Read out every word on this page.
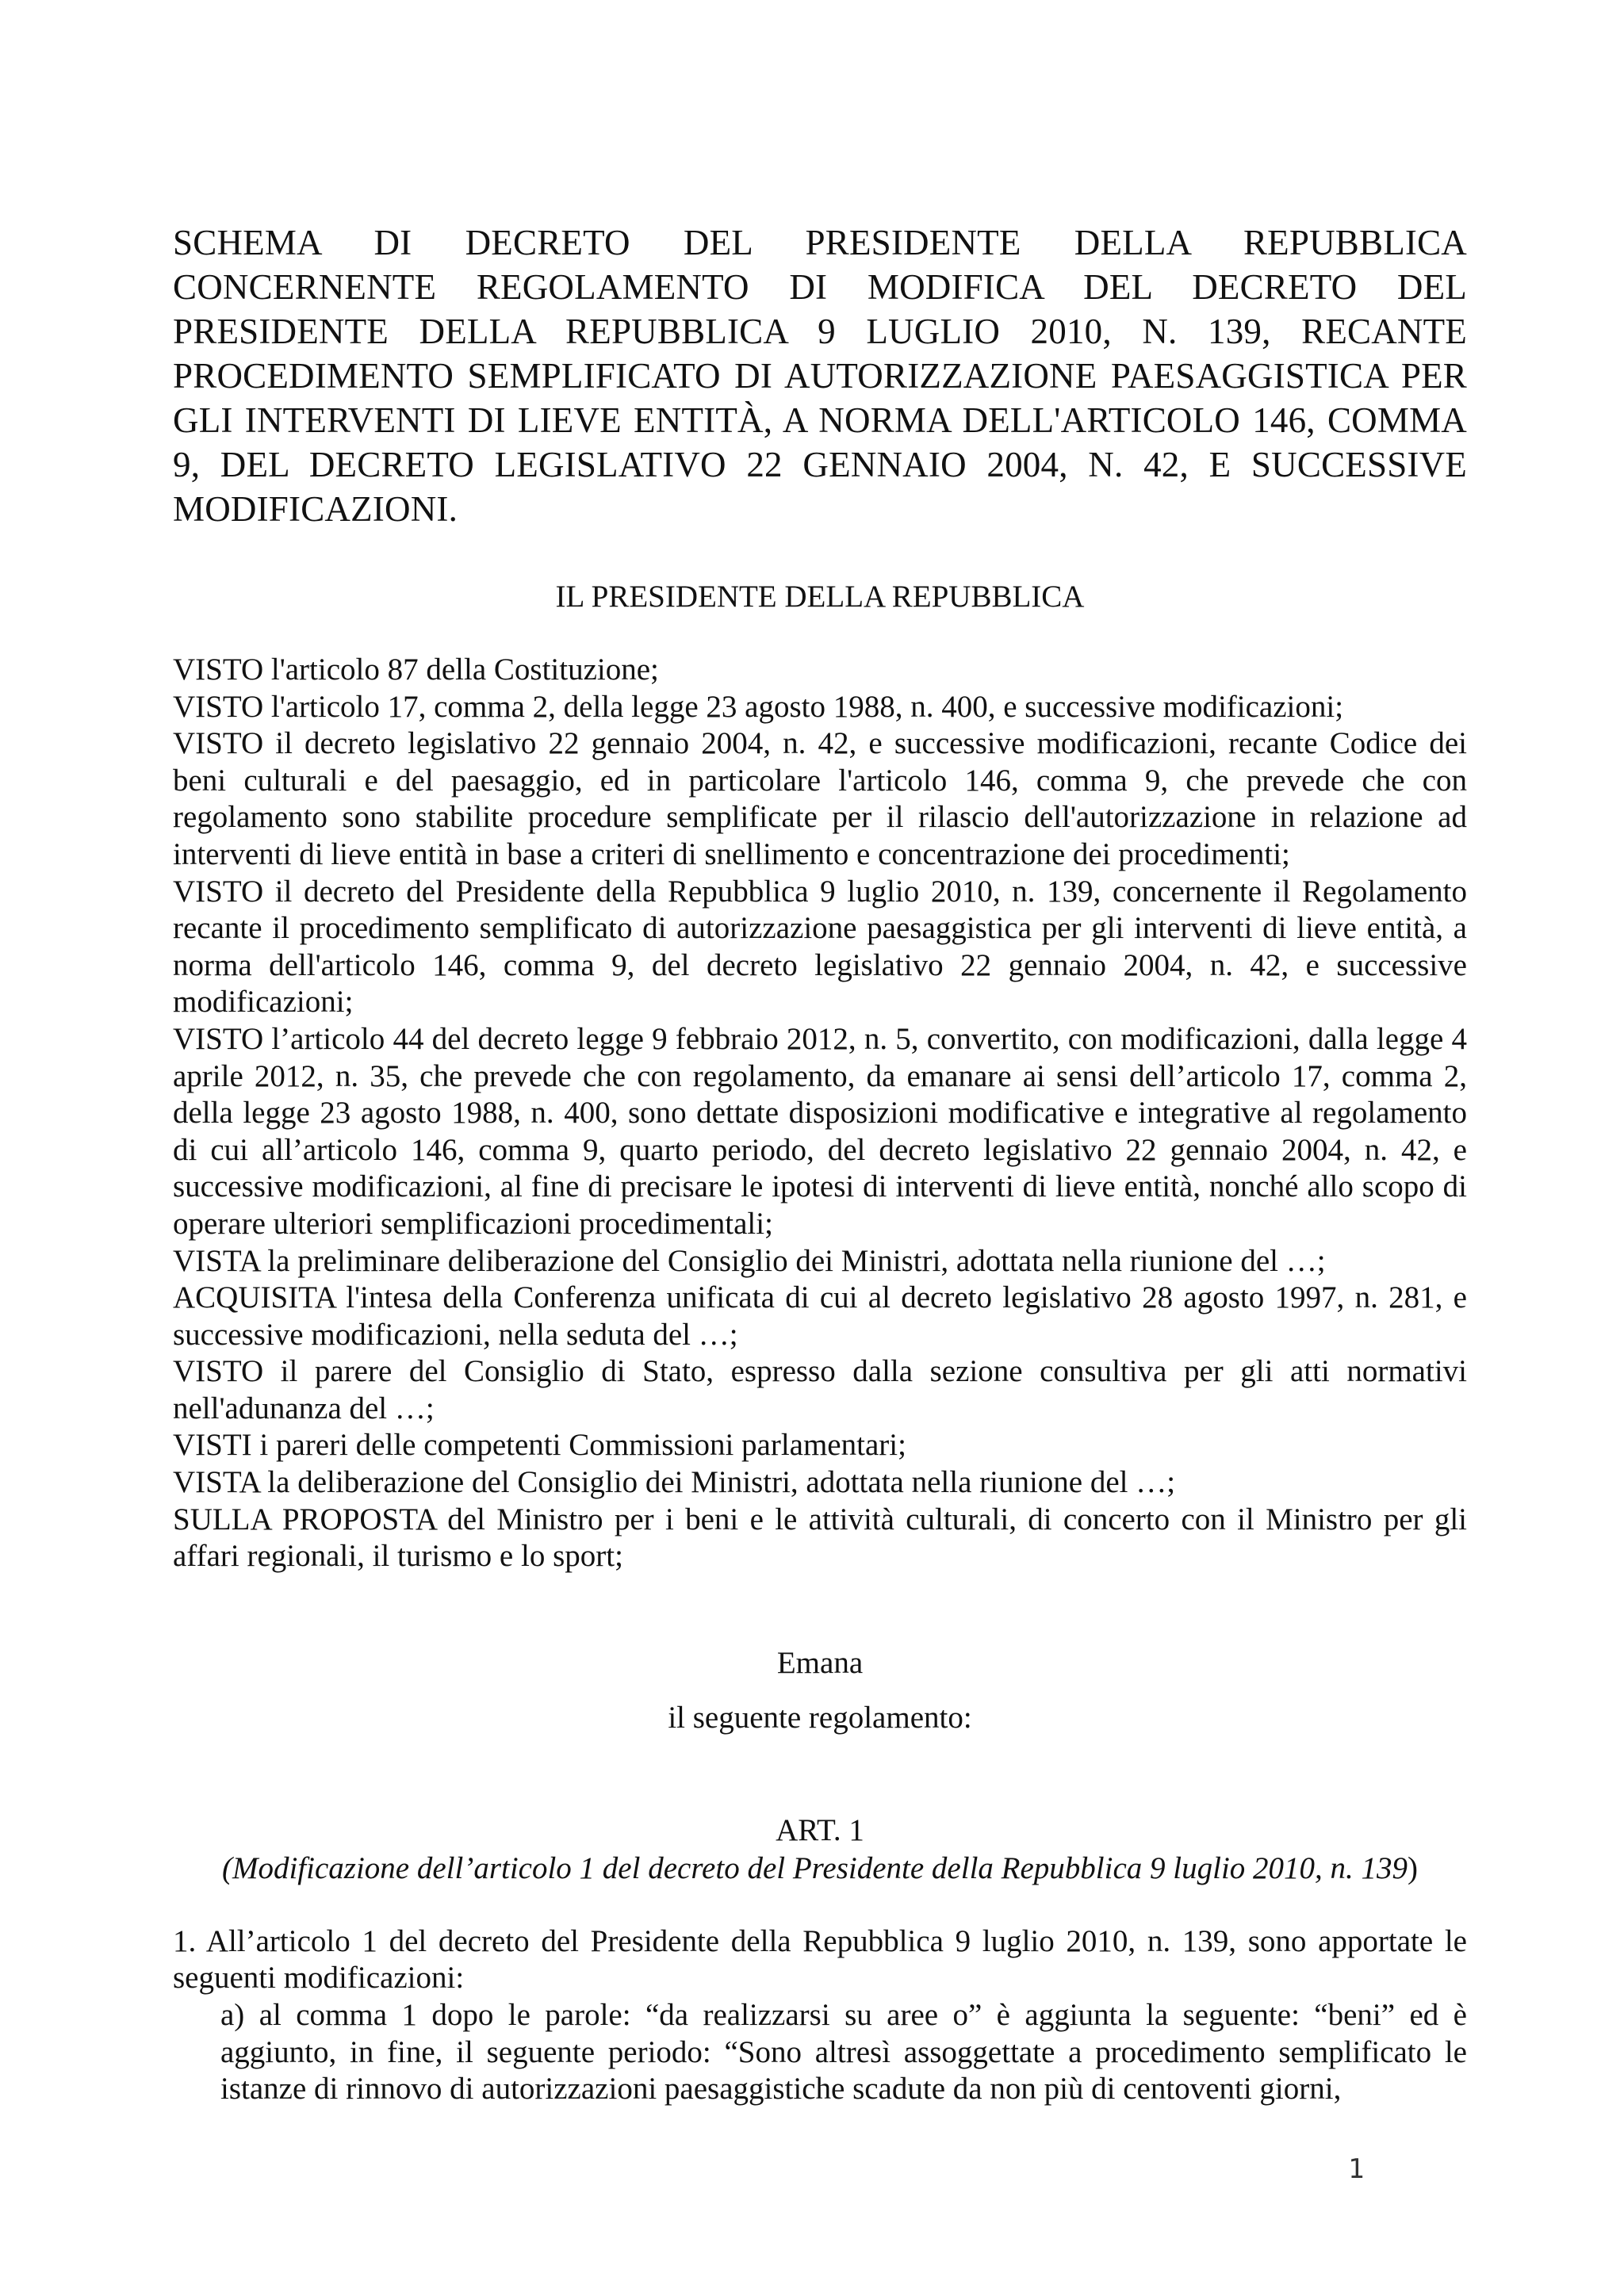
SCHEMA DI DECRETO DEL PRESIDENTE DELLA REPUBBLICA CONCERNENTE REGOLAMENTO DI MODIFICA DEL DECRETO DEL PRESIDENTE DELLA REPUBBLICA 9 LUGLIO 2010, N. 139, RECANTE PROCEDIMENTO SEMPLIFICATO DI AUTORIZZAZIONE PAESAGGISTICA PER GLI INTERVENTI DI LIEVE ENTITÀ, A NORMA DELL'ARTICOLO 146, COMMA 9, DEL DECRETO LEGISLATIVO 22 GENNAIO 2004, N. 42, E SUCCESSIVE MODIFICAZIONI.

IL PRESIDENTE DELLA REPUBBLICA

VISTO l'articolo 87 della Costituzione;

VISTO l'articolo 17, comma 2, della legge 23 agosto 1988, n. 400, e successive modificazioni;

VISTO il decreto legislativo 22 gennaio 2004, n. 42, e successive modificazioni, recante Codice dei beni culturali e del paesaggio, ed in particolare l'articolo 146, comma 9, che prevede che con regolamento sono stabilite procedure semplificate per il rilascio dell'autorizzazione in relazione ad interventi di lieve entità in base a criteri di snellimento e concentrazione dei procedimenti;

VISTO il decreto del Presidente della Repubblica 9 luglio 2010, n. 139, concernente il Regolamento recante il procedimento semplificato di autorizzazione paesaggistica per gli interventi di lieve entità, a norma dell'articolo 146, comma 9, del decreto legislativo 22 gennaio 2004, n. 42, e successive modificazioni;

VISTO l’articolo 44 del decreto legge 9 febbraio 2012, n. 5, convertito, con modificazioni, dalla legge 4 aprile 2012, n. 35, che prevede che con regolamento, da emanare ai sensi dell’articolo 17, comma 2, della legge 23 agosto 1988, n. 400, sono dettate disposizioni modificative e integrative al regolamento di cui all’articolo 146, comma 9, quarto periodo, del decreto legislativo 22 gennaio 2004, n. 42, e successive modificazioni, al fine di precisare le ipotesi di interventi di lieve entità, nonché allo scopo di operare ulteriori semplificazioni procedimentali;

VISTA la preliminare deliberazione del Consiglio dei Ministri, adottata nella riunione del …;

ACQUISITA l'intesa della Conferenza unificata di cui al decreto legislativo 28 agosto 1997, n. 281, e successive modificazioni, nella seduta del …;

VISTO il parere del Consiglio di Stato, espresso dalla sezione consultiva per gli atti normativi nell'adunanza del …;

VISTI i pareri delle competenti Commissioni parlamentari;

VISTA la deliberazione del Consiglio dei Ministri, adottata nella riunione del …;

SULLA PROPOSTA del Ministro per i beni e le attività culturali, di concerto con il Ministro per gli affari regionali, il turismo e lo sport;

Emana

il seguente regolamento:

ART. 1

(Modificazione dell’articolo 1 del decreto del Presidente della Repubblica 9 luglio 2010, n. 139)

1. All’articolo 1 del decreto del Presidente della Repubblica 9 luglio 2010, n. 139, sono apportate le seguenti modificazioni:

a) al comma 1 dopo le parole: “da realizzarsi su aree o” è aggiunta la seguente: “beni” ed è aggiunto, in fine, il seguente periodo: “Sono altresì assoggettate a procedimento semplificato le istanze di rinnovo di autorizzazioni paesaggistiche scadute da non più di centoventi giorni,

1
